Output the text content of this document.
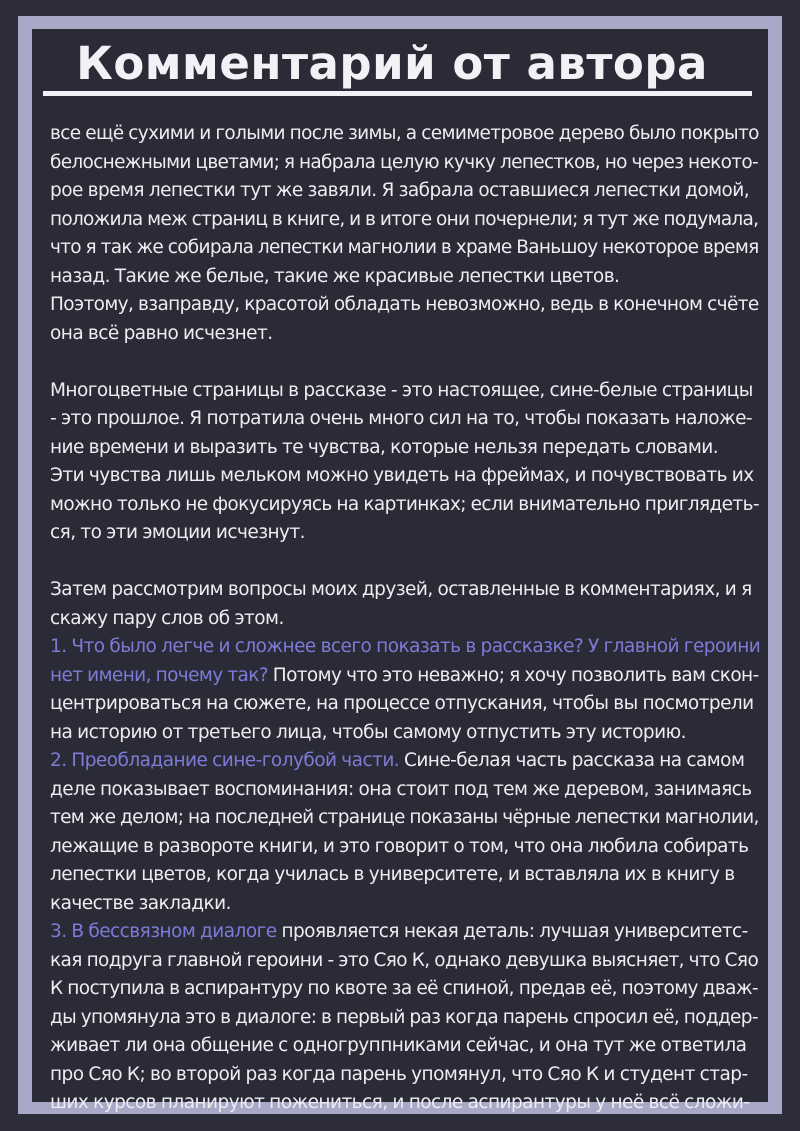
Комментарий от автора
все ещё сухими и голыми после зимы, а семиметровое дерево было покрыто
белоснежными цветами; я набрала целую кучку лепестков, но через некото-
рое время лепестки тут же завяли. Я забрала оставшиеся лепестки домой,
положила меж страниц в книге, и в итоге они почернели; я тут же подумала,
что я так же собирала лепестки магнолии в храме Ваньшоу некоторое время
назад. Такие же белые, такие же красивые лепестки цветов.
Поэтому, взаправду, красотой обладать невозможно, ведь в конечном счёте
она всё равно исчезнет.
Многоцветные страницы в рассказе - это настоящее, сине-белые страницы
- это прошлое. Я потратила очень много сил на то, чтобы показать наложе-
ние времени и выразить те чувства, которые нельзя передать словами.
Эти чувства лишь мельком можно увидеть на фреймах, и почувствовать их
можно только не фокусируясь на картинках; если внимательно приглядеть-
ся, то эти эмоции исчезнут.
Затем рассмотрим вопросы моих друзей, оставленные в комментариях, и я
скажу пару слов об этом.
1. Что было легче и сложнее всего показать в рассказке? У главной героини
нет имени, почему так? Потому что это неважно; я хочу позволить вам скон-
центрироваться на сюжете, на процессе отпускания, чтобы вы посмотрели
на историю от третьего лица, чтобы самому отпустить эту историю.
2. Преобладание сине-голубой части. Сине-белая часть рассказа на самом
деле показывает воспоминания: она стоит под тем же деревом, занимаясь
тем же делом; на последней странице показаны чёрные лепестки магнолии,
лежащие в развороте книги, и это говорит о том, что она любила собирать
лепестки цветов, когда училась в университете, и вставляла их в книгу в
качестве закладки.
3. В бессвязном диалоге проявляется некая деталь: лучшая университетс-
кая подруга главной героини - это Сяо К, однако девушка выясняет, что Сяо
К поступила в аспирантуру по квоте за её спиной, предав её, поэтому дваж-
ды упомянула это в диалоге: в первый раз когда парень спросил её, поддер-
живает ли она общение с одногруппниками сейчас, и она тут же ответила
про Сяо К; во второй раз когда парень упомянул, что Сяо К и студент стар-
ших курсов планируют пожениться, и после аспирантуры у неё всё сложи-
